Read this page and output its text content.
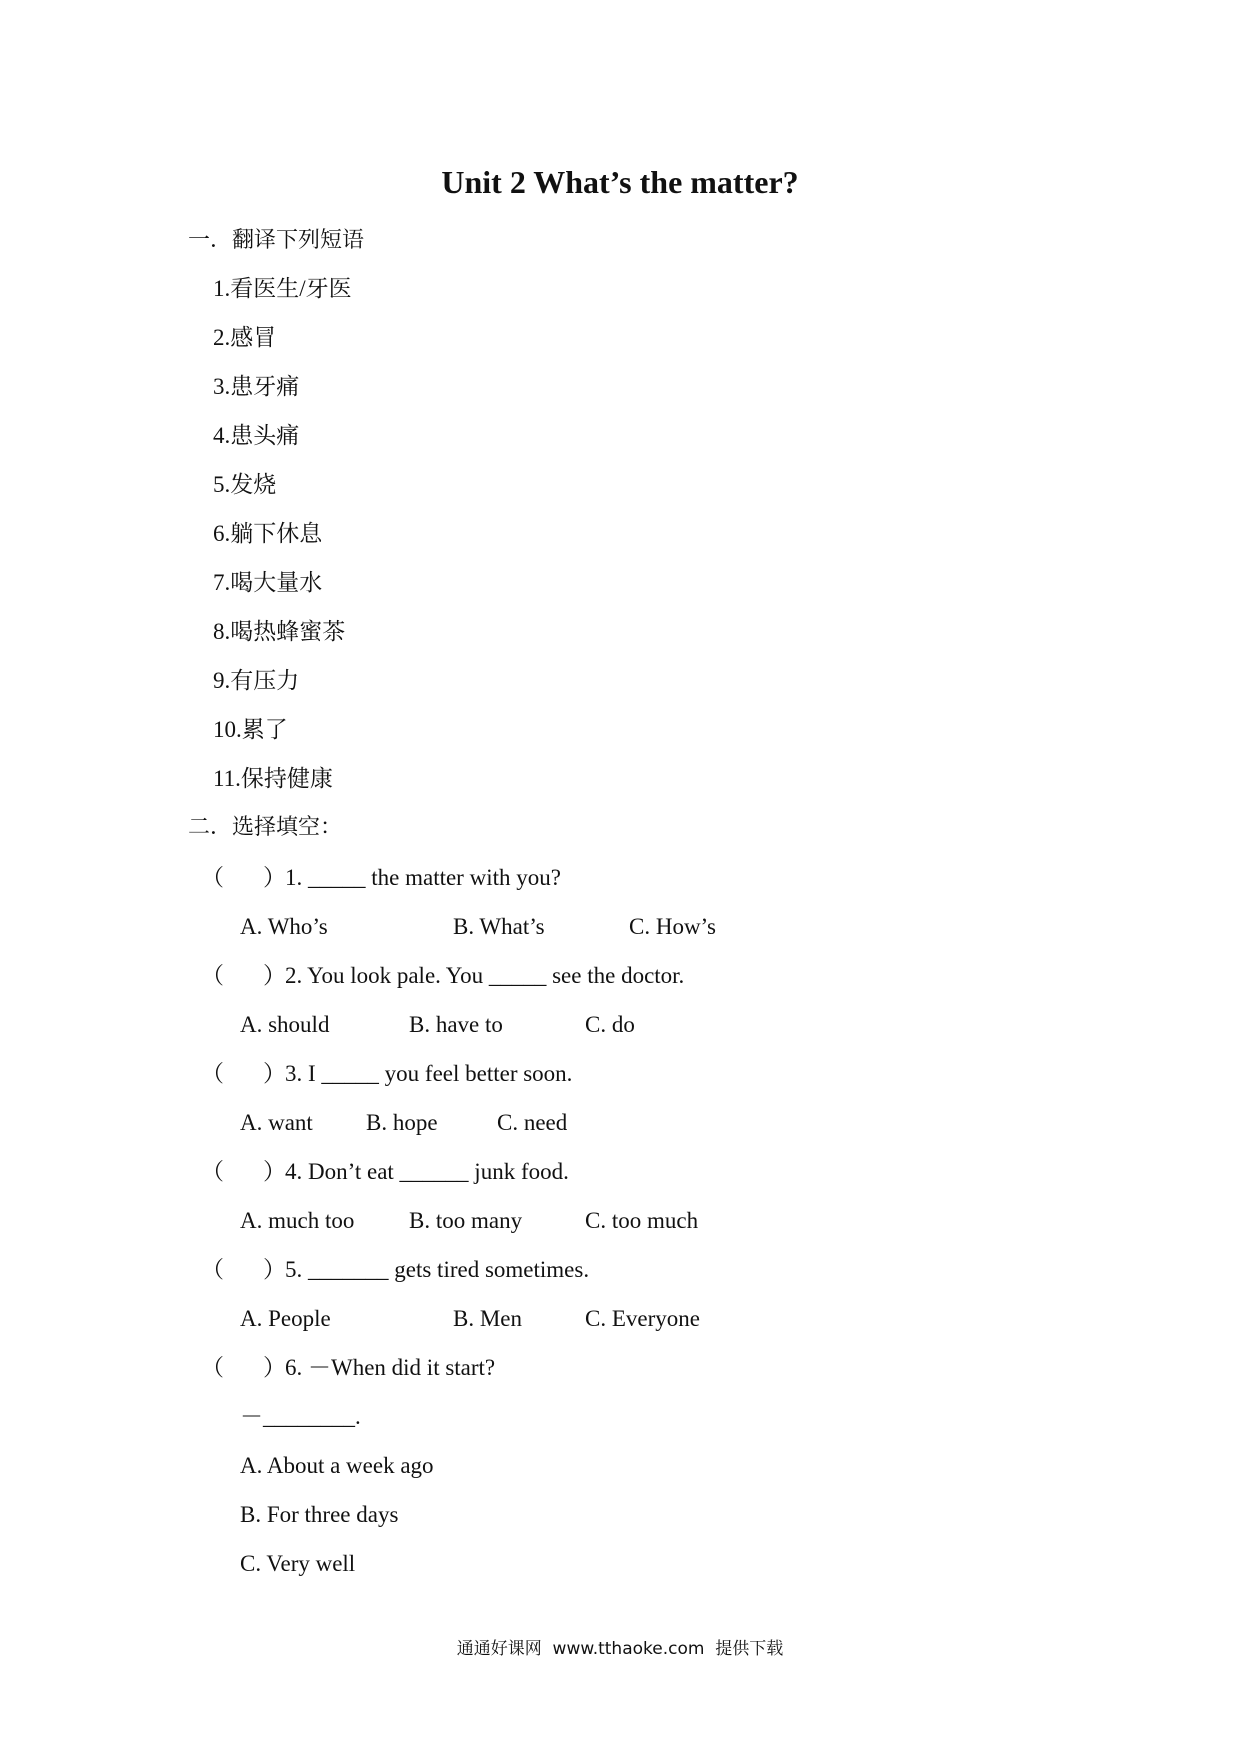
Unit 2 What’s the matter?
一．翻译下列短语
1.看医生/牙医
2.感冒
3.患牙痛
4.患头痛
5.发烧
6.躺下休息
7.喝大量水
8.喝热蜂蜜茶
9.有压力
10.累了
11.保持健康
二．选择填空：

（

）

1. _____ the matter with you?

A. Who’s	B. What’s	C. How’s

（

）

2. You look pale. You _____ see the doctor.

A. should	B. have to	C. do

（

）

3. I _____ you feel better soon.

A. want B. hope	C. need

（

）

4. Don’t eat ______ junk food.

A. much too B. too many	C. too much

（

）

5. _______ gets tired sometimes.

A. People	B. Men	C. Everyone

（

）

6. －When did it start?

－________.
A. About a week ago
B. For three days
C. Very well
通通好课网  www.tthaoke.com  提供下载
